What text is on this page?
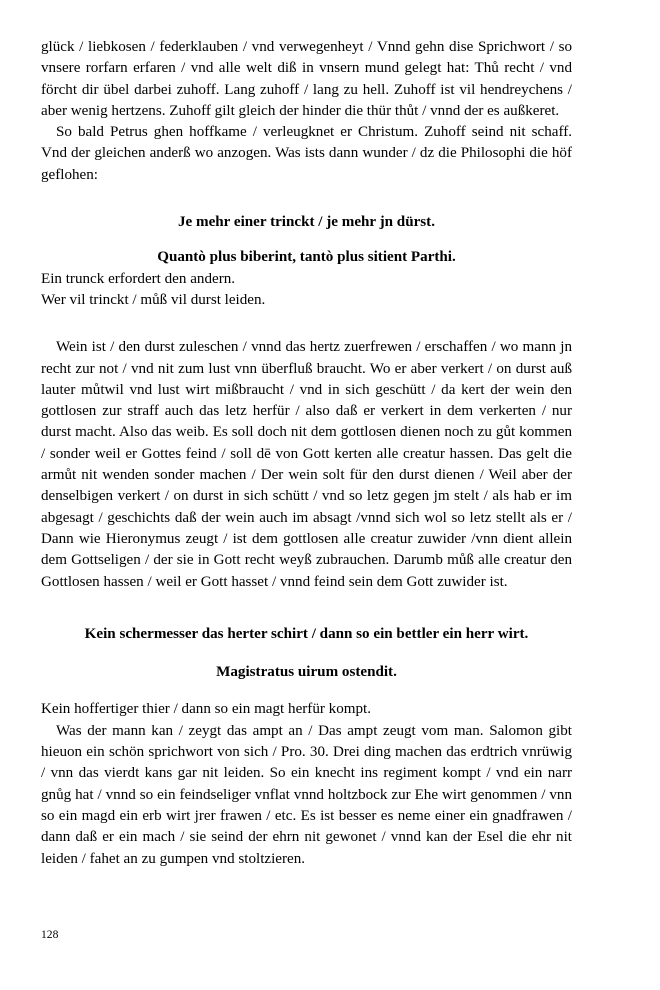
glück / liebkosen / federklauben / vnd verwegenheyt / Vnnd gehn dise Sprichwort / so vnsere rorfarn erfaren / vnd alle welt diß in vnsern mund gelegt hat: Thů recht / vnd förcht dir übel darbei zuhoff. Lang zuhoff / lang zu hell. Zuhoff ist vil hendreychens / aber wenig hertzens. Zuhoff gilt gleich der hinder die thür thůt / vnnd der es außkeret.

So bald Petrus ghen hoffkame / verleugknet er Christum. Zuhoff seind nit schaff. Vnd der gleichen anderß wo anzogen. Was ists dann wunder / dz die Philosophi die höf geflohen:

Je mehr einer trinckt / je mehr jn dürst.

Quantò plus biberint, tantò plus sitient Parthi.

Ein trunck erfordert den andern.

Wer vil trinckt / můß vil durst leiden.

Wein ist / den durst zuleschen / vnnd das hertz zuerfrewen / erschaffen / wo mann jn recht zur not / vnd nit zum lust vnn überfluß braucht. Wo er aber verkert / on durst auß lauter můtwil vnd lust wirt mißbraucht / vnd in sich geschütt / da kert der wein den gottlosen zur straff auch das letz herfür / also daß er verkert in dem verkerten / nur durst macht. Also das weib. Es soll doch nit dem gottlosen dienen noch zu gůt kommen / sonder weil er Gottes feind / soll dē von Gott kerten alle creatur hassen. Das gelt die armůt nit wenden sonder machen / Der wein solt für den durst dienen / Weil aber der denselbigen verkert / on durst in sich schütt / vnd so letz gegen jm stelt / als hab er im abgesagt / geschichts daß der wein auch im absagt /vnnd sich wol so letz stellt als er / Dann wie Hieronymus zeugt / ist dem gottlosen alle creatur zuwider /vnn dient allein dem Gottseligen / der sie in Gott recht weyß zubrauchen. Darumb můß alle creatur den Gottlosen hassen / weil er Gott hasset / vnnd feind sein dem Gott zuwider ist.

Kein schermesser das herter schirt / dann so ein bettler ein herr wirt.

Magistratus uirum ostendit.

Kein hoffertiger thier / dann so ein magt herfür kompt.

Was der mann kan / zeygt das ampt an / Das ampt zeugt vom man. Salomon gibt hieuon ein schön sprichwort von sich / Pro. 30. Drei ding machen das erdtrich vnrüwig / vnn das vierdt kans gar nit leiden. So ein knecht ins regiment kompt / vnd ein narr gnůg hat / vnnd so ein feindseliger vnflat vnnd holtzbock zur Ehe wirt genommen / vnn so ein magd ein erb wirt jrer frawen / etc. Es ist besser es neme einer ein gnadfrawen / dann daß er ein mach / sie seind der ehrn nit gewonet / vnnd kan der Esel die ehr nit leiden / fahet an zu gumpen vnd stoltzieren.

128
